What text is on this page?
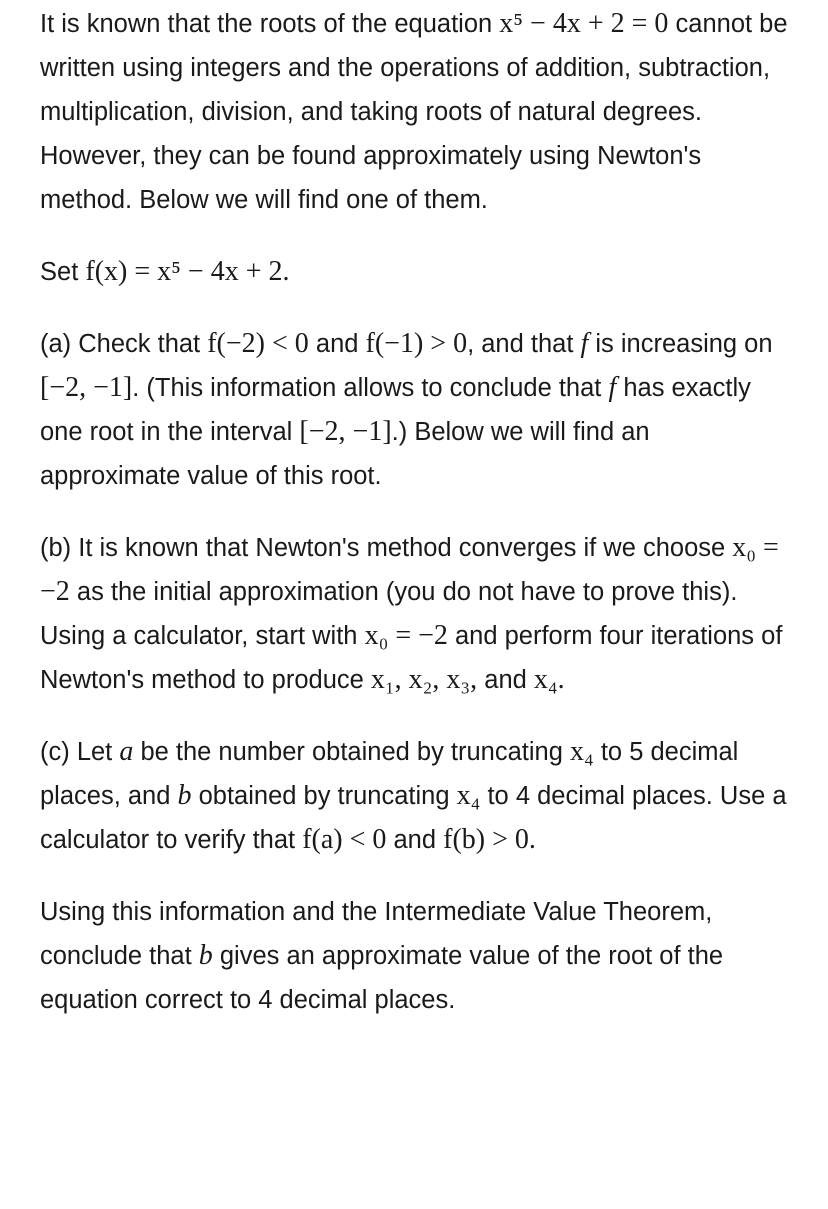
It is known that the roots of the equation x⁵ − 4x + 2 = 0 cannot be written using integers and the operations of addition, subtraction, multiplication, division, and taking roots of natural degrees. However, they can be found approximately using Newton's method. Below we will find one of them.

Set f(x) = x⁵ − 4x + 2.

(a) Check that f(−2) < 0 and f(−1) > 0, and that f is increasing on [−2, −1]. (This information allows to conclude that f has exactly one root in the interval [−2, −1].) Below we will find an approximate value of this root.

(b) It is known that Newton's method converges if we choose x₀ = −2 as the initial approximation (you do not have to prove this). Using a calculator, start with x₀ = −2 and perform four iterations of Newton's method to produce x₁, x₂, x₃, and x₄.

(c) Let a be the number obtained by truncating x₄ to 5 decimal places, and b obtained by truncating x₄ to 4 decimal places. Use a calculator to verify that f(a) < 0 and f(b) > 0.

Using this information and the Intermediate Value Theorem, conclude that b gives an approximate value of the root of the equation correct to 4 decimal places.
